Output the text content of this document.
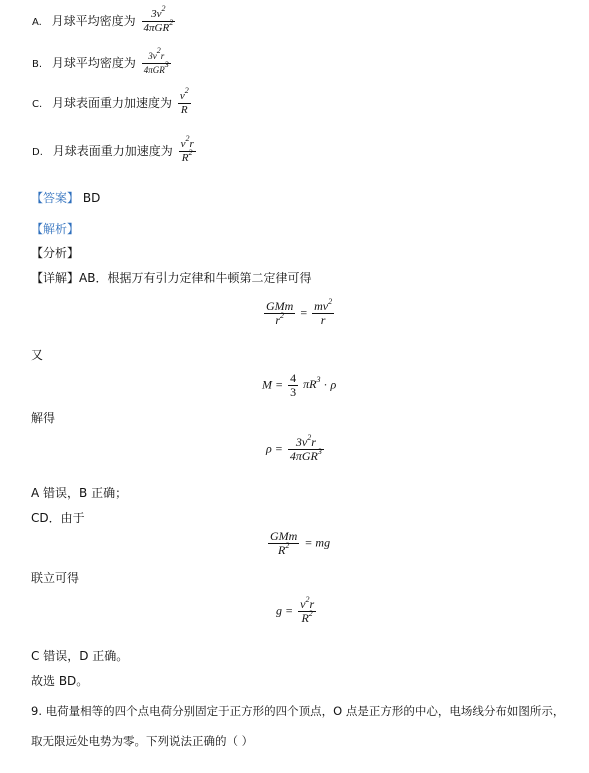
A. 月球平均密度为 $\frac{3v^2}{4\pi GR^2}$
B. 月球平均密度为 $\frac{3v^2r}{4\pi GR^3}$
C. 月球表面重力加速度为 $\frac{v^2}{R}$
D. 月球表面重力加速度为 $\frac{v^2r}{R^2}$
【答案】 BD
【解析】
【分析】
【详解】AB．根据万有引力定律和牛顿第二定律可得
$\frac{\text{GMm}}{r^2} = \frac{mv^2}{r}$
又
$M = \frac{4}{3} \pi R^3 \cdot \rho$
解得
$\rho = \frac{3v^2r}{4\pi GR^3}$
A 错误，B 正确；
CD．由于
$\frac{\text{GMm}}{R^2}$ = mg
联立可得
$g = \frac{v^2r}{R^2}$
C 错误，D 正确。
故选 BD。
9. 电荷量相等的四个点电荷分别固定于正方形的四个顶点，O 点是正方形的中心，电场线分布如图所示，
取无限远处电势为零。下列说法正确的（ ）
